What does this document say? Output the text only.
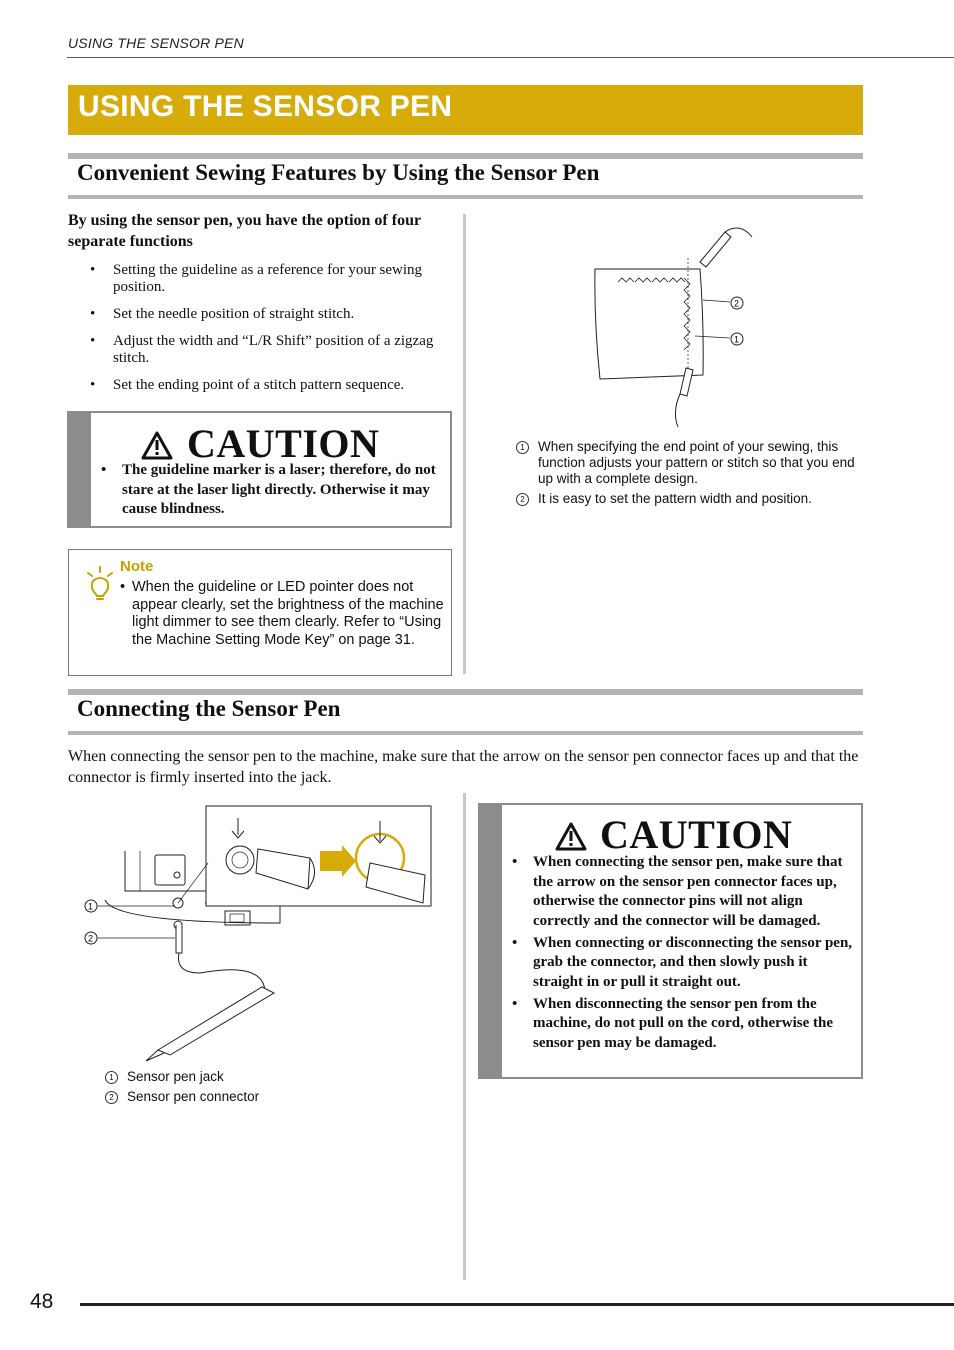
USING THE SENSOR PEN
USING THE SENSOR PEN
Convenient Sewing Features by Using the Sensor Pen
By using the sensor pen, you have the option of four separate functions
• Setting the guideline as a reference for your sewing position.
• Set the needle position of straight stitch.
• Adjust the width and “L/R Shift” position of a zigzag stitch.
• Set the ending point of a stitch pattern sequence.
CAUTION
• The guideline marker is a laser; therefore, do not stare at the laser light directly. Otherwise it may cause blindness.
Note
• When the guideline or LED pointer does not appear clearly, set the brightness of the machine light dimmer to see them clearly. Refer to “Using the Machine Setting Mode Key” on page 31.
2
1
1 When specifying the end point of your sewing, this function adjusts your pattern or stitch so that you end up with a complete design.
2 It is easy to set the pattern width and position.
Connecting the Sensor Pen
When connecting the sensor pen to the machine, make sure that the arrow on the sensor pen connector faces up and that the connector is firmly inserted into the jack.
1
2
1 Sensor pen jack
2 Sensor pen connector
CAUTION
• When connecting the sensor pen, make sure that the arrow on the sensor pen connector faces up, otherwise the connector pins will not align correctly and the connector will be damaged.
• When connecting or disconnecting the sensor pen, grab the connector, and then slowly push it straight in or pull it straight out.
• When disconnecting the sensor pen from the machine, do not pull on the cord, otherwise the sensor pen may be damaged.
48
